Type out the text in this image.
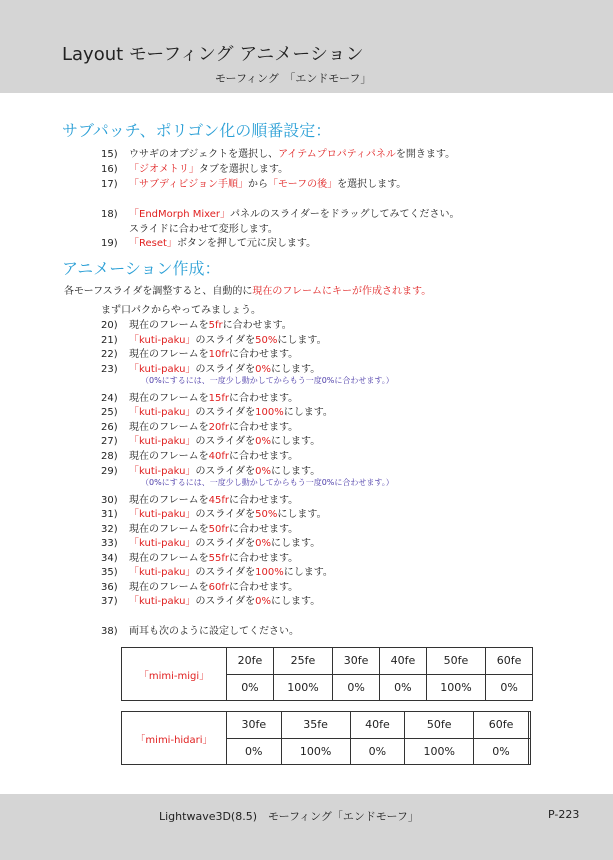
Layout モーフィング アニメーション
モーフィング　「エンドモーフ」
サブパッチ、ポリゴン化の順番設定：
15) ウサギのオブジェクトを選択し、アイテムプロパティパネルを開きます。
16) 「ジオメトリ」タブを選択します。
17) 「サブディビジョン手順」から「モーフの後」を選択します。
18) 「EndMorph Mixer」パネルのスライダーをドラッグしてみてください。
スライドに合わせて変形します。
19) 「Reset」ボタンを押して元に戻します。
アニメーション作成：
各モーフスライダを調整すると、自動的に現在のフレームにキーが作成されます。
まず口パクからやってみましょう。
20) 現在のフレームを5frに合わせます。
21) 「kuti-paku」のスライダを50%にします。
22) 現在のフレームを10frに合わせます。
23) 「kuti-paku」のスライダを0%にします。
（0%にするには、一度少し動かしてからもう一度0%に合わせます。）
24) 現在のフレームを15frに合わせます。
25) 「kuti-paku」のスライダを100%にします。
26) 現在のフレームを20frに合わせます。
27) 「kuti-paku」のスライダを0%にします。
28) 現在のフレームを40frに合わせます。
29) 「kuti-paku」のスライダを0%にします。
（0%にするには、一度少し動かしてからもう一度0%に合わせます。）
30) 現在のフレームを45frに合わせます。
31) 「kuti-paku」のスライダを50%にします。
32) 現在のフレームを50frに合わせます。
33) 「kuti-paku」のスライダを0%にします。
34) 現在のフレームを55frに合わせます。
35) 「kuti-paku」のスライダを100%にします。
36) 現在のフレームを60frに合わせます。
37) 「kuti-paku」のスライダを0%にします。
38) 両耳も次のように設定してください。
「mimi-migi」	20fe	25fe	30fe	40fe	50fe	60fe
	0%	100%	0%	0%	100%	0%
「mimi-hidari」	30fe	35fe	40fe	50fe	60fe	
	0%	100%	0%	100%	0%	
Lightwave3D(8.5)　モーフィング「エンドモーフ」	P-223
